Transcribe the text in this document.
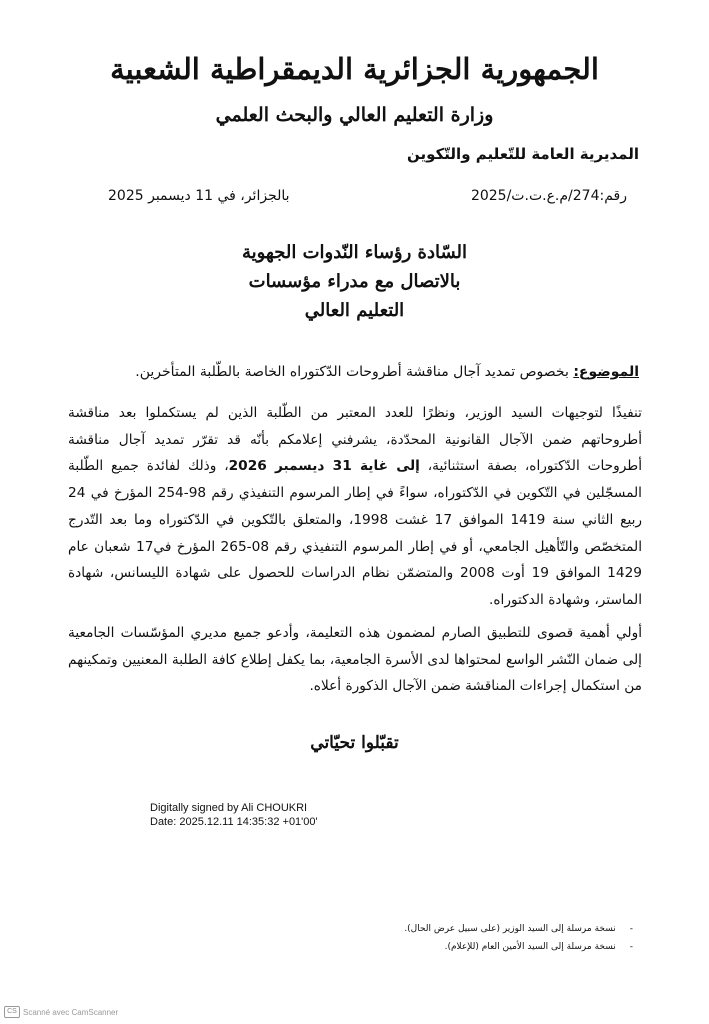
الجمهورية الجزائرية الديمقراطية الشعبية
وزارة التعليم العالي والبحث العلمي
المديرية العامة للتّعليم والتّكوين
رقم:274/م.ع.ت.ت/2025
بالجزائر، في 11 ديسمبر 2025
السّادة رؤساء النّدوات الجهوية
بالاتصال مع مدراء مؤسسات
التعليم العالي
الموضوع: بخصوص تمديد آجال مناقشة أطروحات الدّكتوراه الخاصة بالطّلبة المتأخرين.
تنفيذًا لتوجيهات السيد الوزير، ونظرًا للعدد المعتبر من الطّلبة الذين لم يستكملوا بعد مناقشة أطروحاتهم ضمن الآجال القانونية المحدّدة، يشرفني إعلامكم بأنّه قد تقرّر تمديد آجال مناقشة أطروحات الدّكتوراه، بصفة استثنائية، إلى غاية 31 ديسمبر 2026، وذلك لفائدة جميع الطّلبة المسجّلين في التّكوين في الدّكتوراه، سواءً في إطار المرسوم التنفيذي رقم 98-254 المؤرخ في 24 ربيع الثاني سنة 1419 الموافق 17 غشت 1998، والمتعلق بالتّكوين في الدّكتوراه وما بعد التّدرج المتخصّص والتّأهيل الجامعي، أو في إطار المرسوم التنفيذي رقم 08-265 المؤرخ في17 شعبان عام 1429 الموافق 19 أوت 2008 والمتضمّن نظام الدراسات للحصول على شهادة الليسانس، شهادة الماستر، وشهادة الدكتوراه.
أولي أهمية قصوى للتطبيق الصارم لمضمون هذه التعليمة، وأدعو جميع مديري المؤسّسات الجامعية إلى ضمان النّشر الواسع لمحتواها لدى الأسرة الجامعية، بما يكفل إطلاع كافة الطلبة المعنيين وتمكينهم من استكمال إجراءات المناقشة ضمن الآجال الذكورة أعلاه.
تقبّلوا تحيّاتي
Digitally signed by Ali CHOUKRI
Date: 2025.12.11 14:35:32 +01'00'
-نسخة مرسلة إلى السيد الوزير (على سبيل عرض الحال).
-نسخة مرسلة إلى السيد الأمين العام (للإعلام).
CS Scanné avec CamScanner
